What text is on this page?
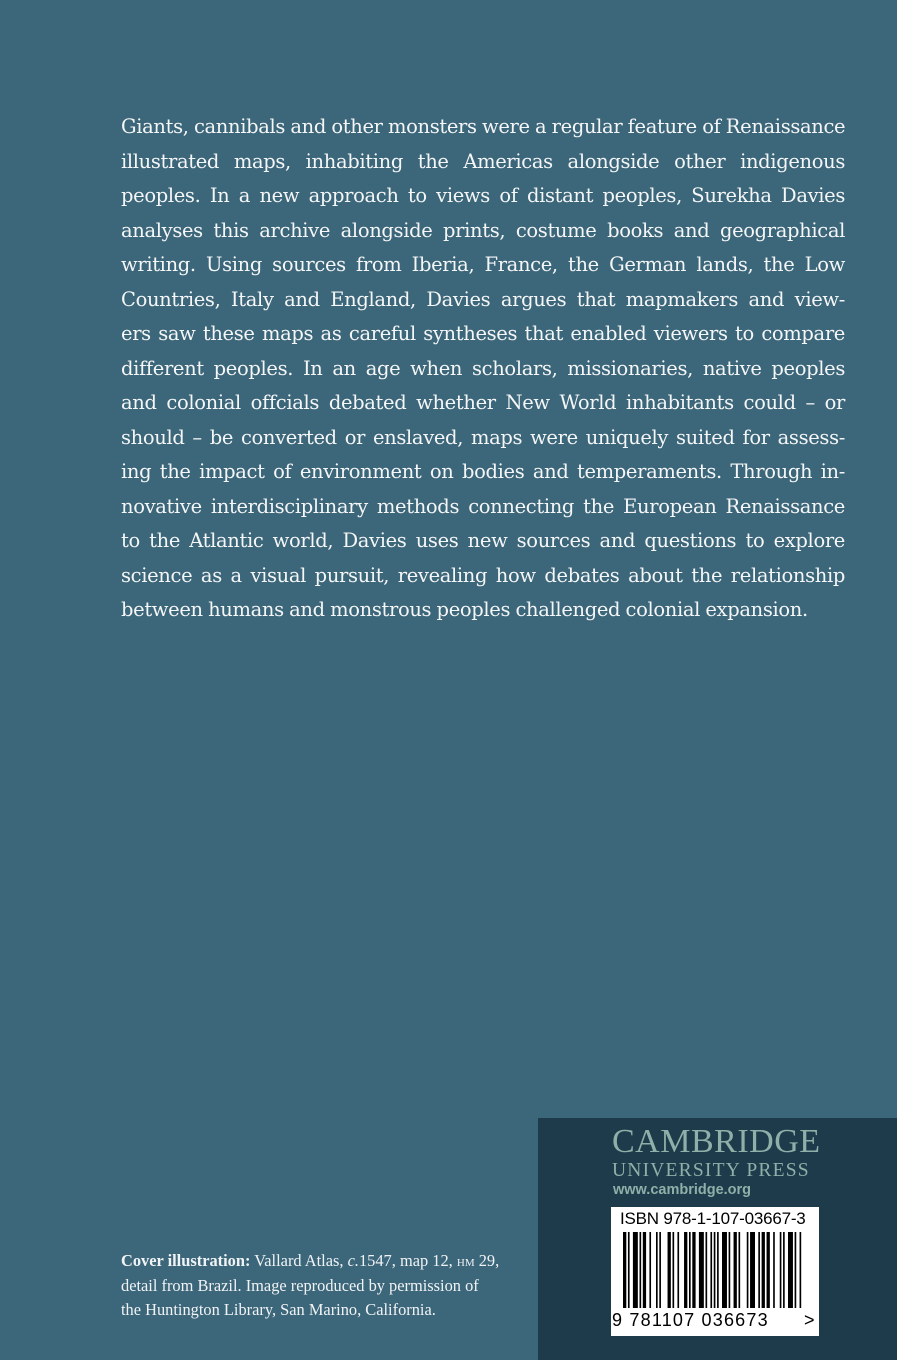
Giants, cannibals and other monsters were a regular feature of Renaissance
illustrated maps, inhabiting the Americas alongside other indigenous
peoples. In a new approach to views of distant peoples, Surekha Davies
analyses this archive alongside prints, costume books and geographical
writing. Using sources from Iberia, France, the German lands, the Low
Countries, Italy and England, Davies argues that mapmakers and view-
ers saw these maps as careful syntheses that enabled viewers to compare
different peoples. In an age when scholars, missionaries, native peoples
and colonial offcials debated whether New World inhabitants could – or
should – be converted or enslaved, maps were uniquely suited for assess-
ing the impact of environment on bodies and temperaments. Through in-
novative interdisciplinary methods connecting the European Renaissance
to the Atlantic world, Davies uses new sources and questions to explore
science as a visual pursuit, revealing how debates about the relationship
between humans and monstrous peoples challenged colonial expansion.

Cover illustration: Vallard Atlas, c.1547, map 12, hm 29,
detail from Brazil. Image reproduced by permission of
the Huntington Library, San Marino, California.
CAMBRIDGE
UNIVERSITY PRESS
www.cambridge.org
ISBN 978-1-107-03667-3
9 781107 036673 >
